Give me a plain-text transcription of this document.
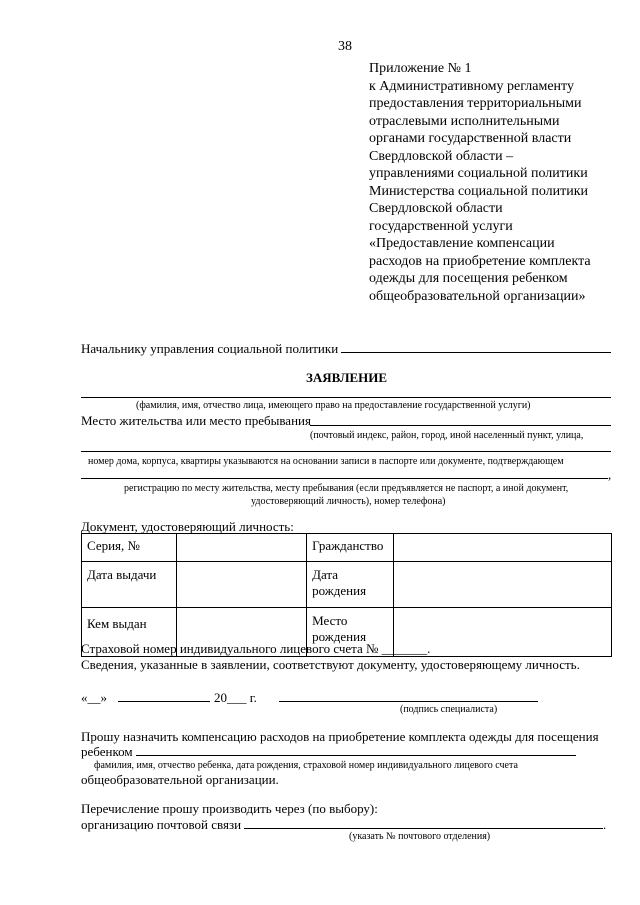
38
Приложение № 1
к Административному регламенту
предоставления территориальными
отраслевыми исполнительными
органами государственной власти
Свердловской области –
управлениями социальной политики
Министерства социальной политики
Свердловской области
государственной услуги
«Предоставление компенсации
расходов на приобретение комплекта
одежды для посещения ребенком
общеобразовательной организации»
Начальнику управления социальной политики
ЗАЯВЛЕНИЕ
(фамилия, имя, отчество лица, имеющего право на предоставление государственной услуги)
Место жительства или место пребывания
(почтовый индекс, район, город, иной населенный пункт, улица,
номер дома, корпуса, квартиры указываются на основании записи в паспорте или документе, подтверждающем
,
регистрацию по месту жительства, месту пребывания (если предъявляется не паспорт, а иной документ,
удостоверяющий личность), номер телефона)
Документ, удостоверяющий личность:
Серия, №		Гражданство	
Дата выдачи		Дата рождения	
Кем выдан		Место рождения	
Страховой номер индивидуального лицевого счета № _______.
Сведения, указанные в заявлении, соответствуют документу, удостоверяющему личность.
«__»	20___ г.
(подпись специалиста)
Прошу назначить компенсацию расходов на приобретение комплекта одежды для посещения
ребенком
фамилия, имя, отчество ребенка, дата рождения, страховой номер индивидуального лицевого счета
общеобразовательной организации.
Перечисление прошу производить через (по выбору):
организацию почтовой связи	.
(указать № почтового отделения)
